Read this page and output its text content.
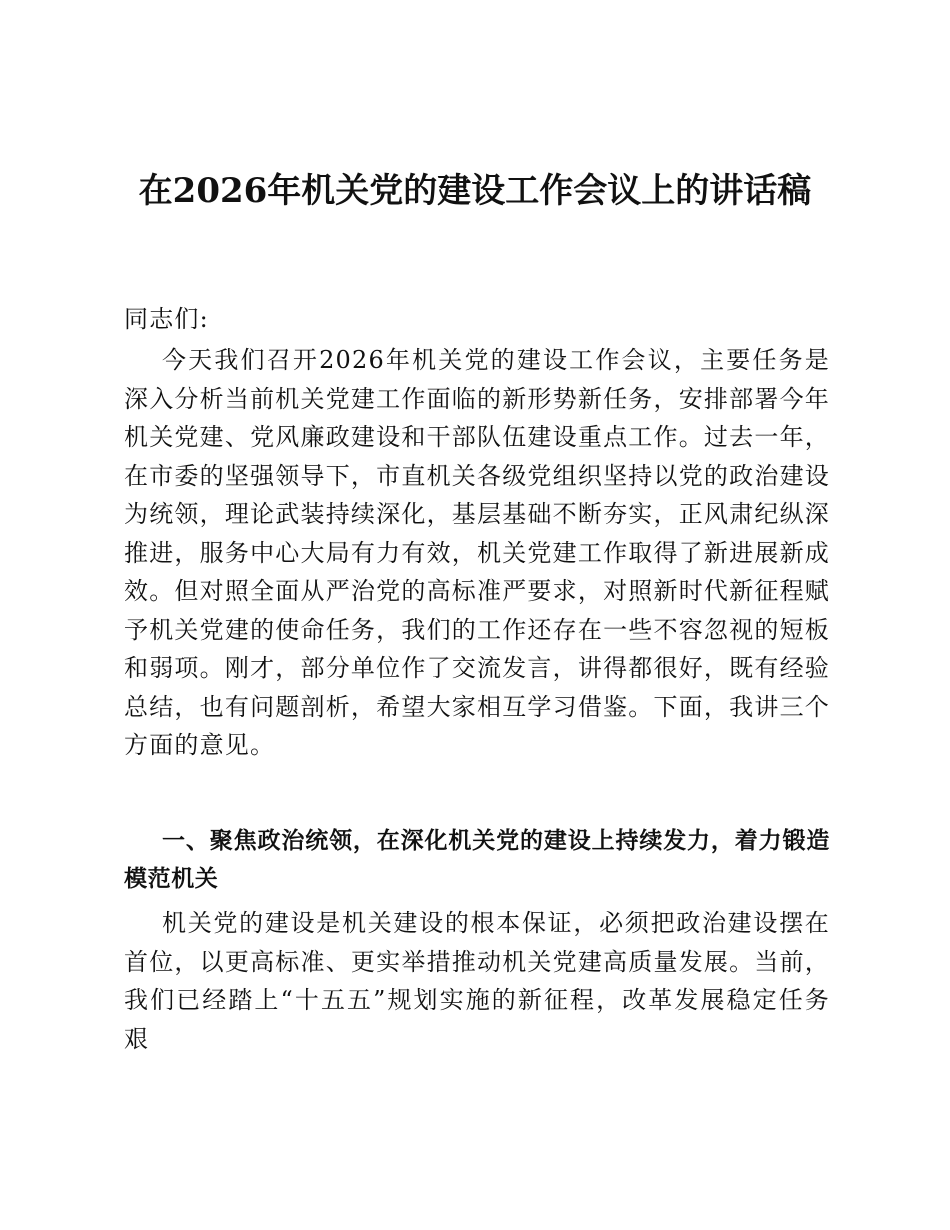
在2026年机关党的建设工作会议上的讲话稿

同志们:

今天我们召开2026年机关党的建设工作会议，主要任务是深入分析当前机关党建工作面临的新形势新任务，安排部署今年机关党建、党风廉政建设和干部队伍建设重点工作。过去一年，在市委的坚强领导下，市直机关各级党组织坚持以党的政治建设为统领，理论武装持续深化，基层基础不断夯实，正风肃纪纵深推进，服务中心大局有力有效，机关党建工作取得了新进展新成效。但对照全面从严治党的高标准严要求，对照新时代新征程赋予机关党建的使命任务，我们的工作还存在一些不容忽视的短板和弱项。刚才，部分单位作了交流发言，讲得都很好，既有经验总结，也有问题剖析，希望大家相互学习借鉴。下面，我讲三个方面的意见。

一、聚焦政治统领，在深化机关党的建设上持续发力，着力锻造模范机关

机关党的建设是机关建设的根本保证，必须把政治建设摆在首位，以更高标准、更实举措推动机关党建高质量发展。当前，我们已经踏上“十五五”规划实施的新征程，改革发展稳定任务艰
